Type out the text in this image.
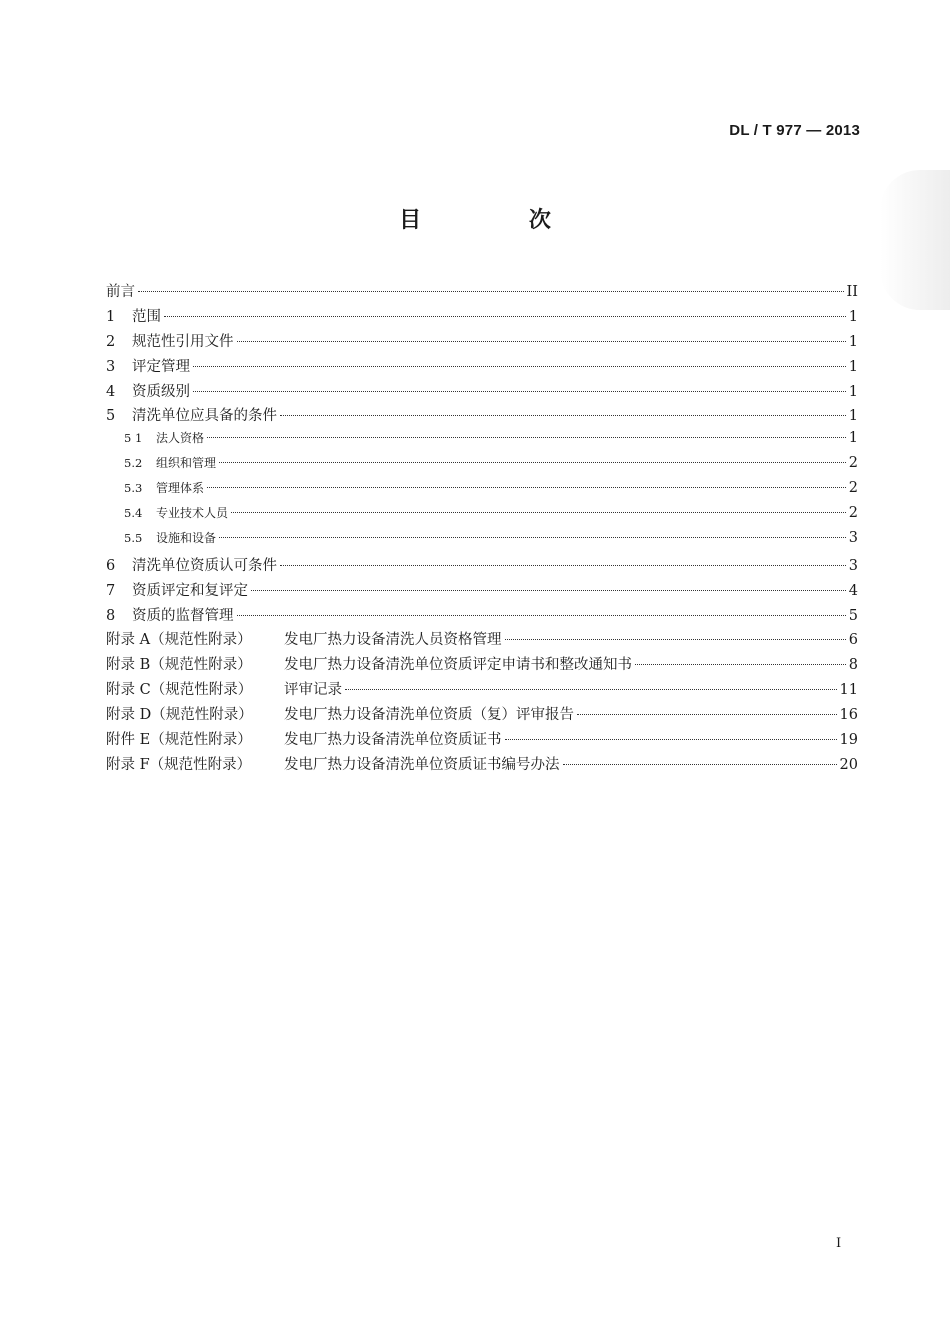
DL / T 977 — 2013
目 次
前言	II
1	范围	1
2	规范性引用文件	1
3	评定管理	1
4	资质级别	1
5	清洗单位应具备的条件	1
5 1	法人资格	1
5.2	组织和管理	2
5.3	管理体系	2
5.4	专业技术人员	2
5.5	设施和设备	3
6	清洗单位资质认可条件	3
7	资质评定和复评定	4
8	资质的监督管理	5
附录 A（规范性附录）	发电厂热力设备清洗人员资格管理	6
附录 B（规范性附录）	发电厂热力设备清洗单位资质评定申请书和整改通知书	8
附录 C（规范性附录）	评审记录	11
附录 D（规范性附录）	发电厂热力设备清洗单位资质（复）评审报告	16
附件 E（规范性附录）	发电厂热力设备清洗单位资质证书	19
附录 F（规范性附录）	发电厂热力设备清洗单位资质证书编号办法	20
I
